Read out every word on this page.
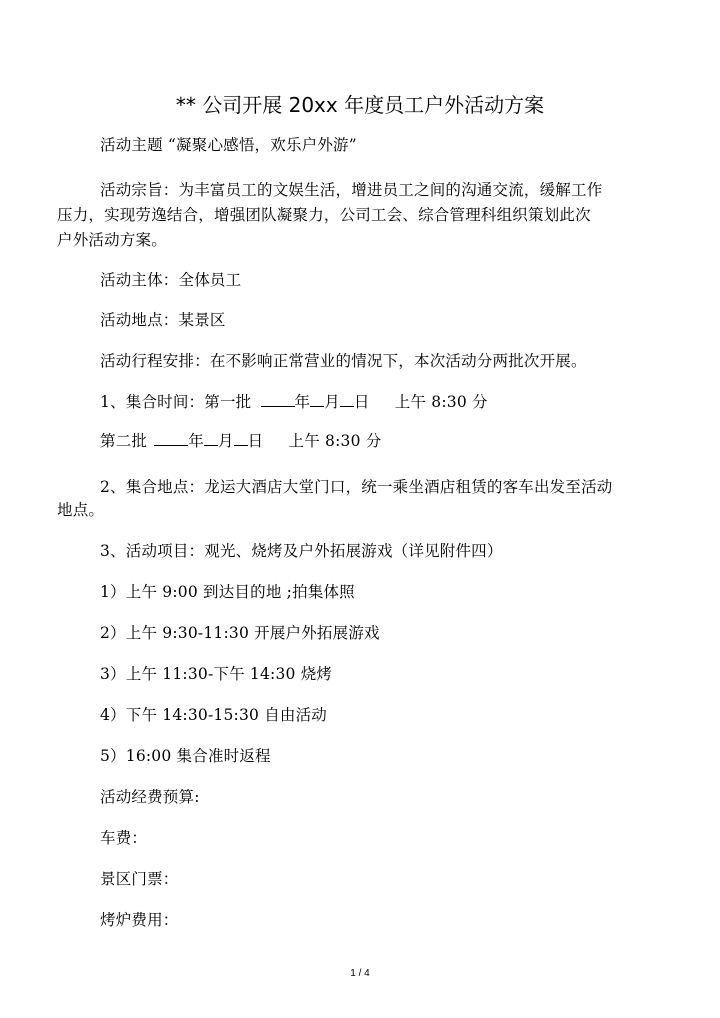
** 公司开展 20xx 年度员工户外活动方案
活动主题 “凝聚心感悟，欢乐户外游”
活动宗旨：为丰富员工的文娱生活，增进员工之间的沟通交流，缓解工作
压力，实现劳逸结合，增强团队凝聚力，公司工会、综合管理科组织策划此次
户外活动方案。
活动主体：全体员工
活动地点：某景区
活动行程安排：在不影响正常营业的情况下，本次活动分两批次开展。
1、集合时间：第一批	年 月 日 上午 8:30 分
第二批	年 月 日 上午 8:30 分
2、集合地点：龙运大酒店大堂门口，统一乘坐酒店租赁的客车出发至活动
地点。
3、活动项目：观光、烧烤及户外拓展游戏（详见附件四）
1）上午 9:00 到达目的地 ;拍集体照
2）上午 9:30-11:30 开展户外拓展游戏
3）上午 11:30-下午 14:30 烧烤
4）下午 14:30-15:30 自由活动
5）16:00 集合准时返程
活动经费预算:
车费：
景区门票：
烤炉费用：
1 / 4
